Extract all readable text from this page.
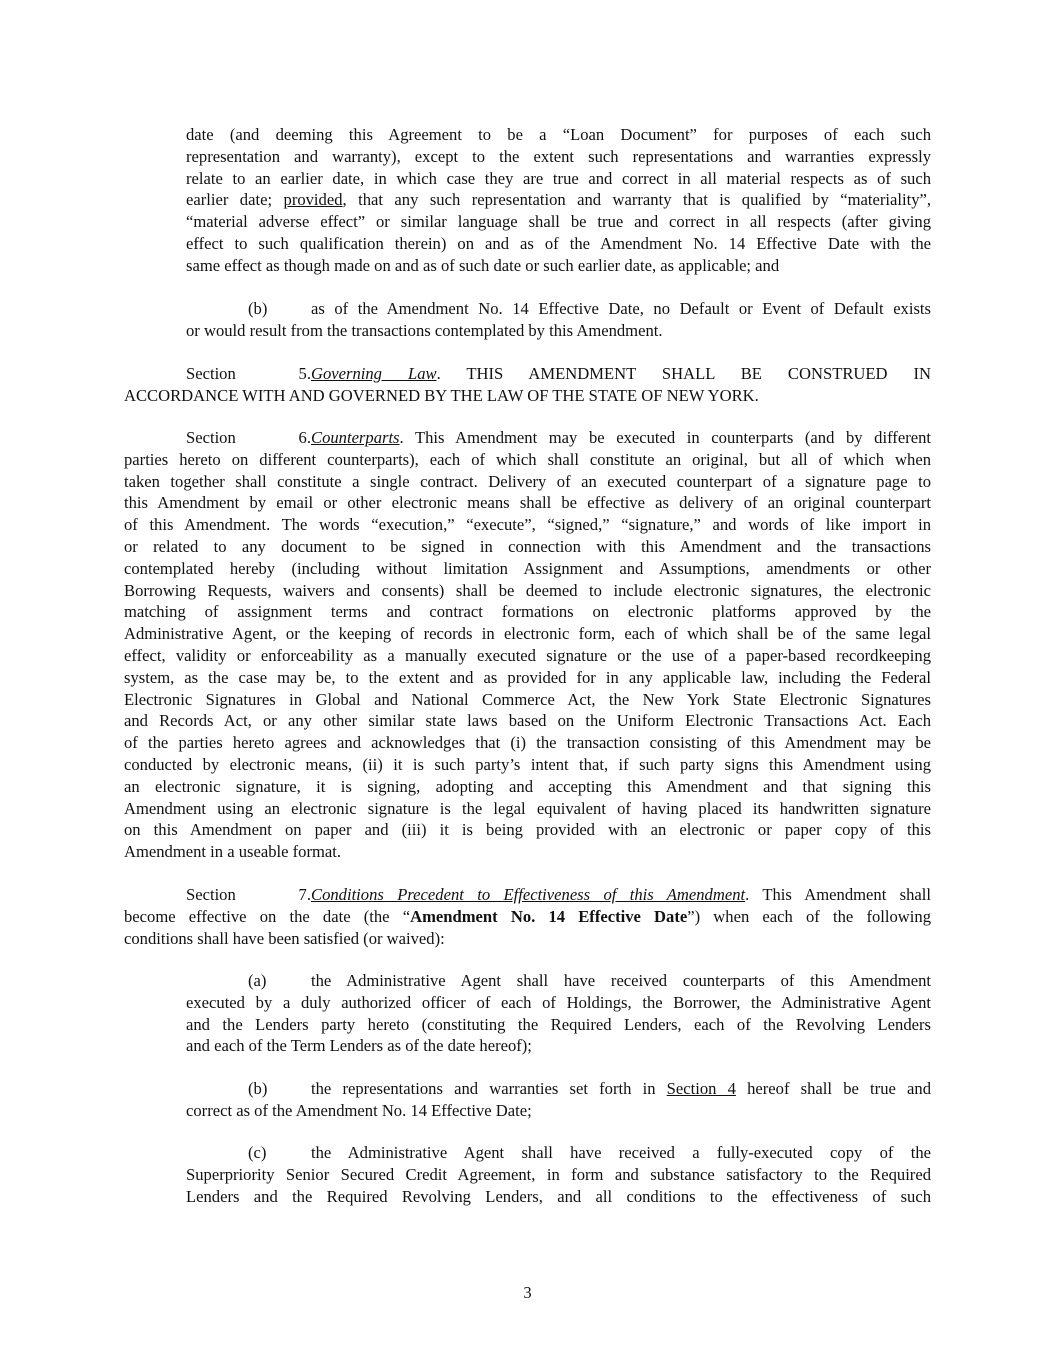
date (and deeming this Agreement to be a “Loan Document” for purposes of each such
representation and warranty), except to the extent such representations and warranties expressly
relate to an earlier date, in which case they are true and correct in all material respects as of such
earlier date; provided, that any such representation and warranty that is qualified by “materiality”,
“material adverse effect” or similar language shall be true and correct in all respects (after giving
effect to such qualification therein) on and as of the Amendment No. 14 Effective Date with the
same effect as though made on and as of such date or such earlier date, as applicable; and
(b)	as of the Amendment No. 14 Effective Date, no Default or Event of Default exists
or would result from the transactions contemplated by this Amendment.
Section 5.Governing Law. THIS AMENDMENT SHALL BE CONSTRUED IN
ACCORDANCE WITH AND GOVERNED BY THE LAW OF THE STATE OF NEW YORK.
Section 6.Counterparts. This Amendment may be executed in counterparts (and by different
parties hereto on different counterparts), each of which shall constitute an original, but all of which when
taken together shall constitute a single contract. Delivery of an executed counterpart of a signature page to
this Amendment by email or other electronic means shall be effective as delivery of an original counterpart
of this Amendment. The words “execution,” “execute”, “signed,” “signature,” and words of like import in
or related to any document to be signed in connection with this Amendment and the transactions
contemplated hereby (including without limitation Assignment and Assumptions, amendments or other
Borrowing Requests, waivers and consents) shall be deemed to include electronic signatures, the electronic
matching of assignment terms and contract formations on electronic platforms approved by the
Administrative Agent, or the keeping of records in electronic form, each of which shall be of the same legal
effect, validity or enforceability as a manually executed signature or the use of a paper-based recordkeeping
system, as the case may be, to the extent and as provided for in any applicable law, including the Federal
Electronic Signatures in Global and National Commerce Act, the New York State Electronic Signatures
and Records Act, or any other similar state laws based on the Uniform Electronic Transactions Act. Each
of the parties hereto agrees and acknowledges that (i) the transaction consisting of this Amendment may be
conducted by electronic means, (ii) it is such party’s intent that, if such party signs this Amendment using
an electronic signature, it is signing, adopting and accepting this Amendment and that signing this
Amendment using an electronic signature is the legal equivalent of having placed its handwritten signature
on this Amendment on paper and (iii) it is being provided with an electronic or paper copy of this
Amendment in a useable format.
Section 7.Conditions Precedent to Effectiveness of this Amendment. This Amendment shall
become effective on the date (the “Amendment No. 14 Effective Date”) when each of the following
conditions shall have been satisfied (or waived):
(a)	the Administrative Agent shall have received counterparts of this Amendment
executed by a duly authorized officer of each of Holdings, the Borrower, the Administrative Agent
and the Lenders party hereto (constituting the Required Lenders, each of the Revolving Lenders
and each of the Term Lenders as of the date hereof);
(b)	the representations and warranties set forth in Section 4 hereof shall be true and
correct as of the Amendment No. 14 Effective Date;
(c)	the Administrative Agent shall have received a fully-executed copy of the
Superpriority Senior Secured Credit Agreement, in form and substance satisfactory to the Required
Lenders and the Required Revolving Lenders, and all conditions to the effectiveness of such
3
